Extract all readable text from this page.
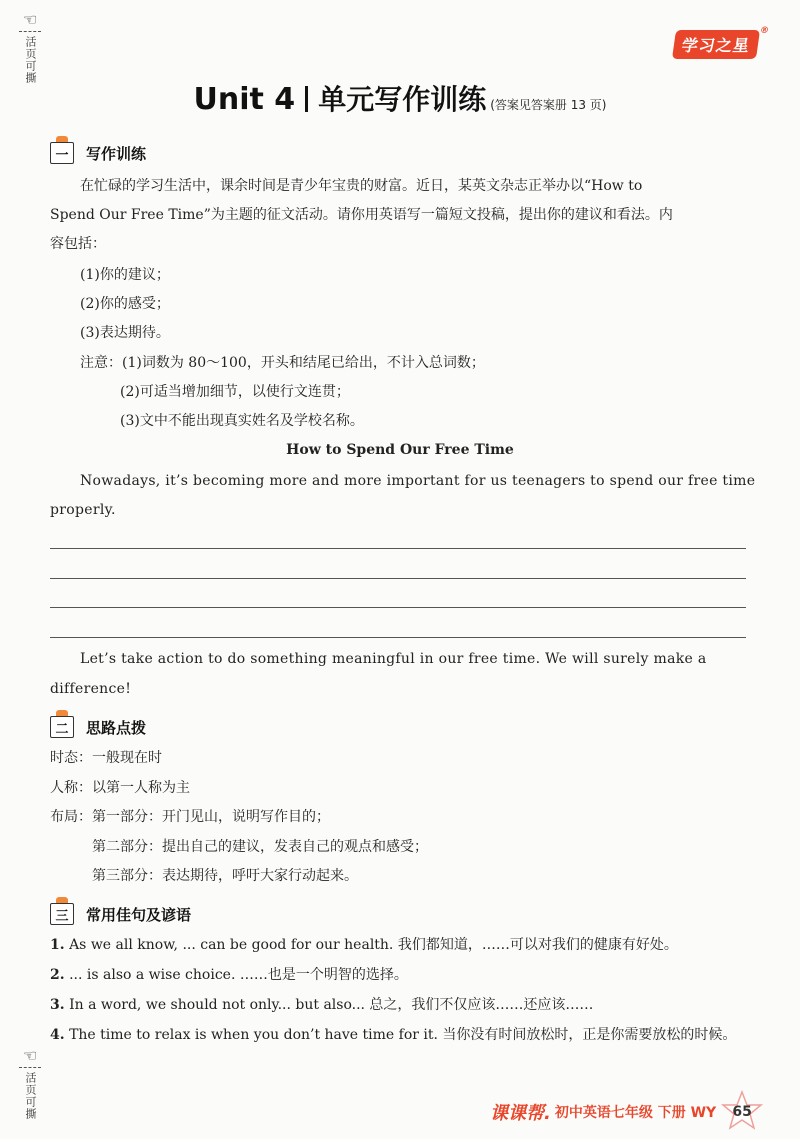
☜
活页可撕
☜
活页可撕
学习之星 ®
Unit 4 单元写作训练 (答案见答案册 13 页)
一 写作训练
在忙碌的学习生活中，课余时间是青少年宝贵的财富。近日，某英文杂志正举办以“How to
Spend Our Free Time”为主题的征文活动。请你用英语写一篇短文投稿，提出你的建议和看法。内
容包括：
(1)你的建议；
(2)你的感受；
(3)表达期待。
注意：(1)词数为 80～100，开头和结尾已给出，不计入总词数；
(2)可适当增加细节，以使行文连贯；
(3)文中不能出现真实姓名及学校名称。
How to Spend Our Free Time
Nowadays, it’s becoming more and more important for us teenagers to spend our free time
properly.
Let’s take action to do something meaningful in our free time. We will surely make a
difference!
二 思路点拨
时态：一般现在时
人称：以第一人称为主
布局：第一部分：开门见山，说明写作目的；
第二部分：提出自己的建议，发表自己的观点和感受；
第三部分：表达期待，呼吁大家行动起来。
三 常用佳句及谚语
1. As we all know, ... can be good for our health. 我们都知道，……可以对我们的健康有好处。
2. ... is also a wise choice. ……也是一个明智的选择。
3. In a word, we should not only... but also... 总之，我们不仅应该……还应该……
4. The time to relax is when you don’t have time for it. 当你没有时间放松时，正是你需要放松的时候。
课课帮. 初中英语七年级 下册 WY 65
